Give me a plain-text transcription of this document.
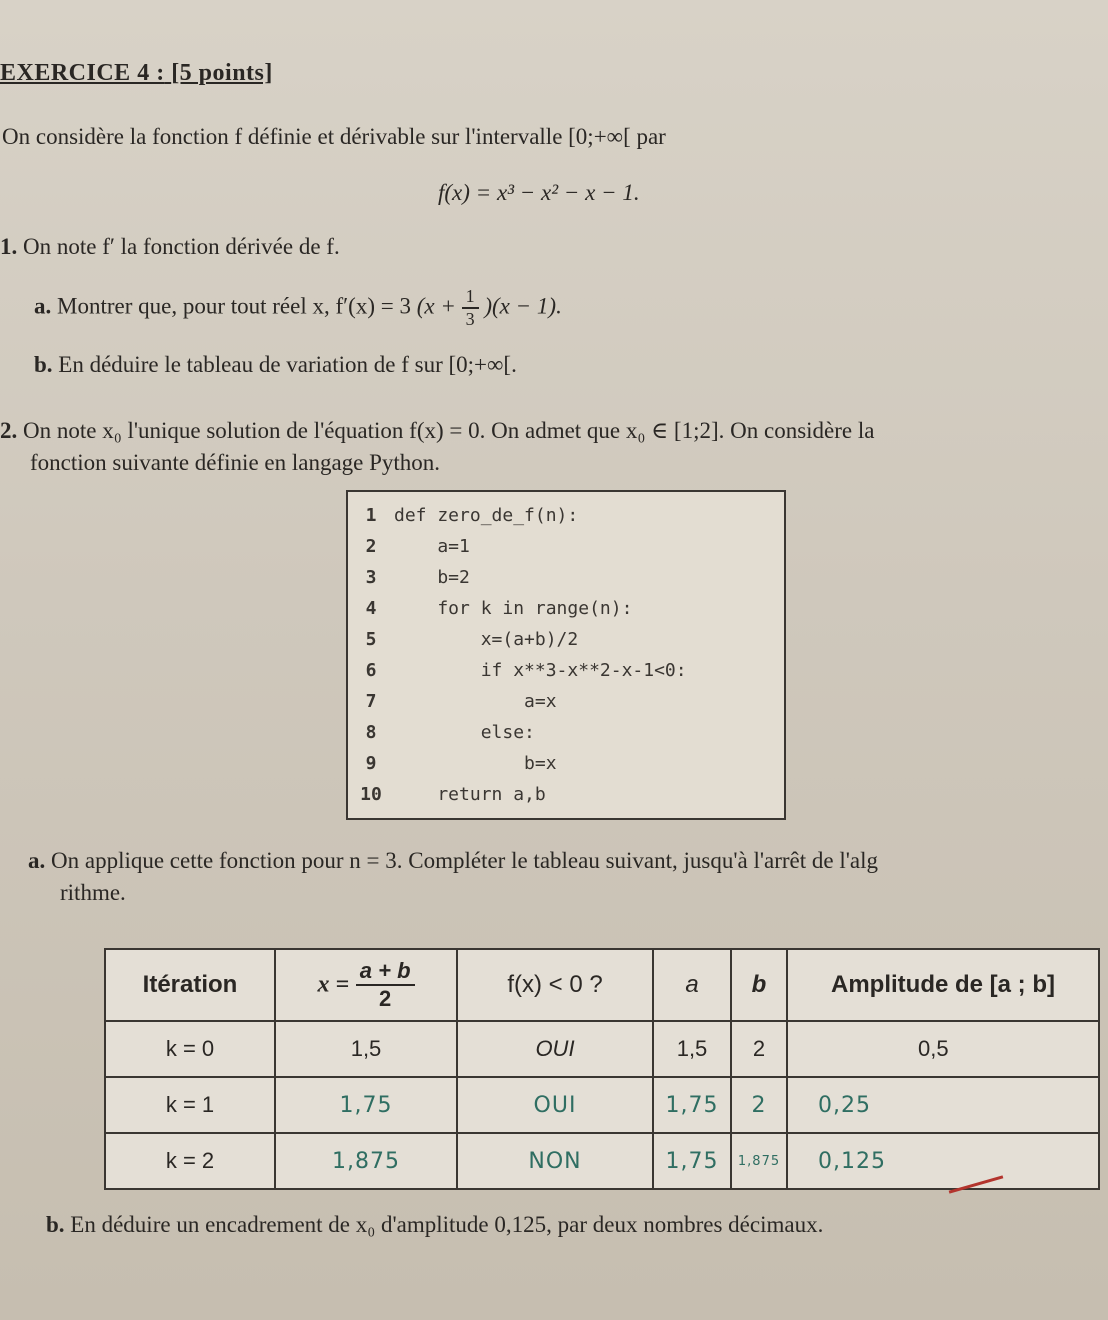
EXERCICE 4 : [5 points]
On considère la fonction f définie et dérivable sur l'intervalle [0;+∞[ par
f(x) = x³ − x² − x − 1.
1. On note f′ la fonction dérivée de f.
a. Montrer que, pour tout réel x, f′(x) = 3 $(x + \frac{1}{3} )(x - 1)$.
b. En déduire le tableau de variation de f sur [0;+∞[.
2. On note x₀ l'unique solution de l'équation f(x) = 0. On admet que x₀ ∈ [1;2]. On considère la
fonction suivante définie en langage Python.
1 def zero_de_f(n):
2    a=1
3    b=2
4    for k in range(n):
5        x=(a+b)/2
6        if x**3-x**2-x-1<0:
7            a=x
8        else:
9            b=x
10    return a,b
a. On applique cette fonction pour n = 3. Compléter le tableau suivant, jusqu'à l'arrêt de l'alg
rithme.
Itération	$x = \frac{a + b}{2}$	f(x) < 0 ?	a	b	Amplitude de [a ; b]
k = 0	1,5	OUI	1,5	2	0,5
k = 1	1,75	OUI	1,75	2	0,25
k = 2	1,875	NON	1,75	1,875	0,125
b. En déduire un encadrement de x₀ d'amplitude 0,125, par deux nombres décimaux.
